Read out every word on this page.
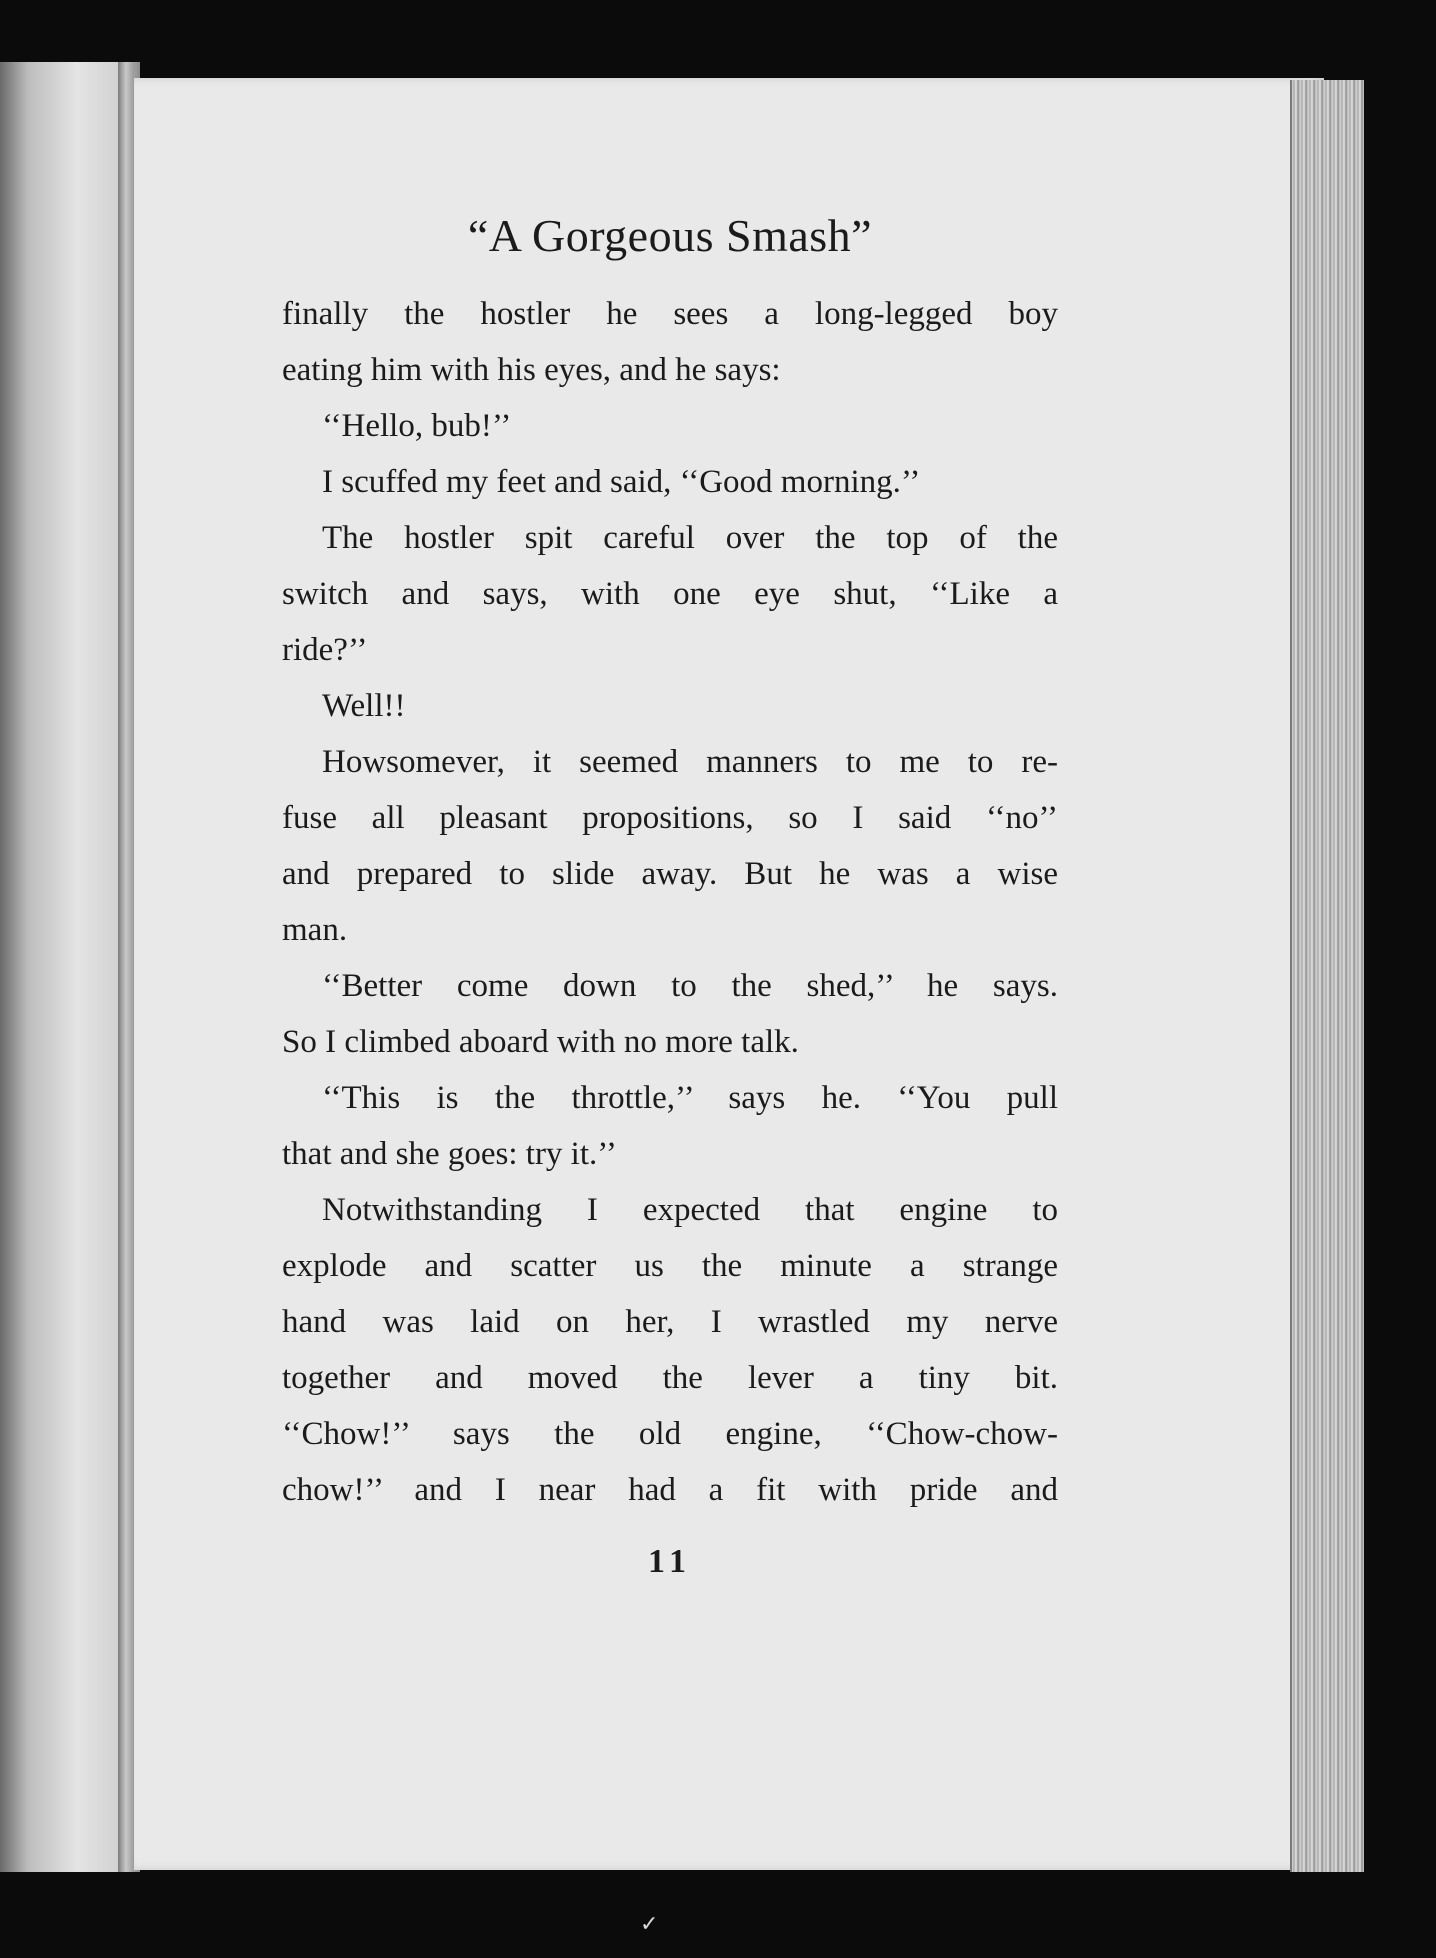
“A Gorgeous Smash”
finally the hostler he sees a long-legged boy
eating him with his eyes, and he says:
‘‘Hello, bub!’’
I scuffed my feet and said, ‘‘Good morning.’’
The hostler spit careful over the top of the
switch and says, with one eye shut, ‘‘Like a
ride?’’
Well!!
Howsomever, it seemed manners to me to re-
fuse all pleasant propositions, so I said ‘‘no’’
and prepared to slide away. But he was a wise
man.
‘‘Better come down to the shed,’’ he says.
So I climbed aboard with no more talk.
‘‘This is the throttle,’’ says he. ‘‘You pull
that and she goes: try it.’’
Notwithstanding I expected that engine to
explode and scatter us the minute a strange
hand was laid on her, I wrastled my nerve
together and moved the lever a tiny bit.
‘‘Chow!’’ says the old engine, ‘‘Chow-chow-
chow!’’ and I near had a fit with pride and
11
✓
